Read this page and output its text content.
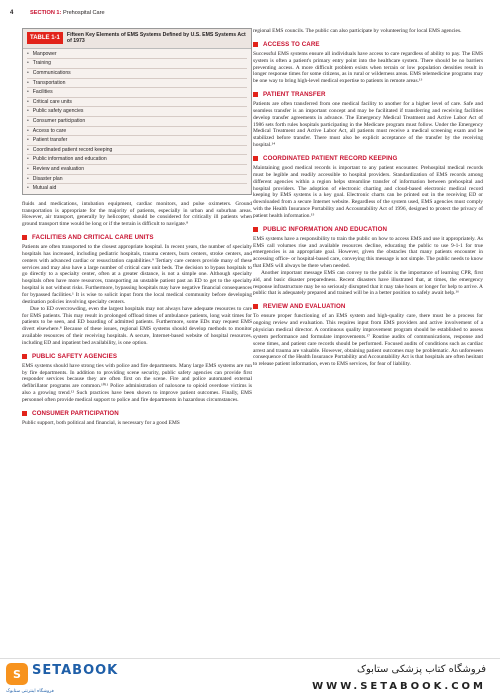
4	SECTION 1: Prehospital Care
TABLE 1-1	Fifteen Key Elements of EMS Systems Defined by U.S. EMS Systems Act of 1973
• Manpower
• Training
• Communications
• Transportation
• Facilities
• Critical care units
• Public safety agencies
• Consumer participation
• Access to care
• Patient transfer
• Coordinated patient record keeping
• Public information and education
• Review and evaluation
• Disaster plan
• Mutual aid

fluids and medications, intubation equipment, cardiac monitors, and pulse oximeters. Ground transportation is appropriate for the majority of patients, especially in urban and suburban areas. However, air transport, generally by helicopter, should be considered for critically ill patients when ground transport time would be long or if the terrain is difficult to navigate.⁸

FACILITIES AND CRITICAL CARE UNITS

Patients are often transported to the closest appropriate hospital. In recent years, the number of specialty hospitals has increased, including pediatric hospitals, trauma centers, burn centers, stroke centers, and centers with advanced cardiac or resuscitation capabilities.⁹ Tertiary care centers provide many of these services and may also have a large number of critical care unit beds. The decision to bypass hospitals to go directly to a specialty center, often at a greater distance, is not a simple one. Although specialty hospitals often have more resources, transporting an unstable patient past an ED to get to the specialty hospital is not without risks. Furthermore, bypassing hospitals may have negative financial consequences for bypassed facilities.¹ It is wise to solicit input from the local medical community before developing destination policies involving specialty centers.

Due to ED overcrowding, even the largest hospitals may not always have adequate resources to care for EMS patients. This may result in prolonged offload times of ambulance patients, long wait times for patients to be seen, and ED boarding of admitted patients. Furthermore, some EDs may request EMS divert elsewhere.⁸ Because of these issues, regional EMS systems should develop methods to monitor available resources of their receiving hospitals. A secure, Internet-based website of hospital resources, including ED and inpatient bed availability, is one option.

PUBLIC SAFETY AGENCIES

EMS systems should have strong ties with police and fire departments. Many large EMS systems are run by fire departments. In addition to providing scene security, public safety agencies can provide first responder services because they are often first on the scene. Fire and police automated external defibrillator programs are common.¹⁰¹¹ Police administration of naloxone to opioid overdose victims is also a growing trend.¹² Such practices have been shown to improve patient outcomes. Finally, EMS personnel often provide medical support to police and fire departments in hazardous circumstances.

CONSUMER PARTICIPATION

Public support, both political and financial, is necessary for a good EMS

regional EMS councils. The public can also participate by volunteering for local EMS agencies.

ACCESS TO CARE

Successful EMS systems ensure all individuals have access to care regardless of ability to pay. The EMS system is often a patient's primary entry point into the healthcare system. There should be no barriers preventing access. A more difficult problem exists when terrain or low population densities result in longer response times for some citizens, as in rural or wilderness areas. EMS telemedicine programs may be one way to bring high-level medical expertise to patients in remote areas.¹³

PATIENT TRANSFER

Patients are often transferred from one medical facility to another for a higher level of care. Safe and seamless transfer is an important concept and may be facilitated if transferring and receiving facilities develop transfer agreements in advance. The Emergency Medical Treatment and Active Labor Act of 1986 sets forth rules hospitals participating in the Medicare program must follow. Under the Emergency Medical Treatment and Active Labor Act, all patients must receive a medical screening exam and be stabilized before transfer. There must also be explicit acceptance of the transfer by the receiving hospital.¹⁴

COORDINATED PATIENT RECORD KEEPING

Maintaining good medical records is important to any patient encounter. Prehospital medical records must be legible and readily accessible to hospital providers. Standardization of EMS records among different agencies within a region helps streamline transfer of information between prehospital and hospital providers. The adoption of electronic charting and cloud-based electronic medical record keeping by EMS systems is a key goal. Electronic charts can be printed out in the receiving ED or downloaded from a secure Internet website. Regardless of the system used, EMS agencies must comply with the Health Insurance Portability and Accountability Act of 1996, designed to protect the privacy of patient health information.¹⁵

PUBLIC INFORMATION AND EDUCATION

EMS systems have a responsibility to train the public on how to access EMS and use it appropriately. As EMS call volumes rise and available resources decline, educating the public to use 9-1-1 for true emergencies is an appropriate goal. However, given the obstacles that many patients encounter in accessing office- or hospital-based care, conveying this message is not simple. The public needs to know that EMS will always be there when needed.

Another important message EMS can convey to the public is the importance of learning CPR, first aid, and basic disaster preparedness. Recent disasters have illustrated that, at times, the emergency response infrastructure may be so seriously disrupted that it may take hours or longer for help to arrive. A public that is adequately prepared and trained will be in a better position to safely await help.¹⁶

REVIEW AND EVALUATION

To ensure proper functioning of an EMS system and high-quality care, there must be a process for ongoing review and evaluation. This requires input from EMS providers and active involvement of a physician medical director. A continuous quality improvement program should be established to assess system performance and formulate improvements.¹⁷ Routine audits of communications, response and scene times, and patient care records should be performed. Focused audits of conditions such as cardiac arrest and trauma are valuable. However, obtaining patient outcomes may be problematic. An unforeseen consequence of the Health Insurance Portability and Accountability Act is that hospitals are often hesitant to release patient information, even to EMS services, for fear of liability.

S SETABOOK
فروشگاه اینترنتی ستابوک
فروشگاه کتاب پزشکی ستابوک
WWW.SETABOOK.COM
